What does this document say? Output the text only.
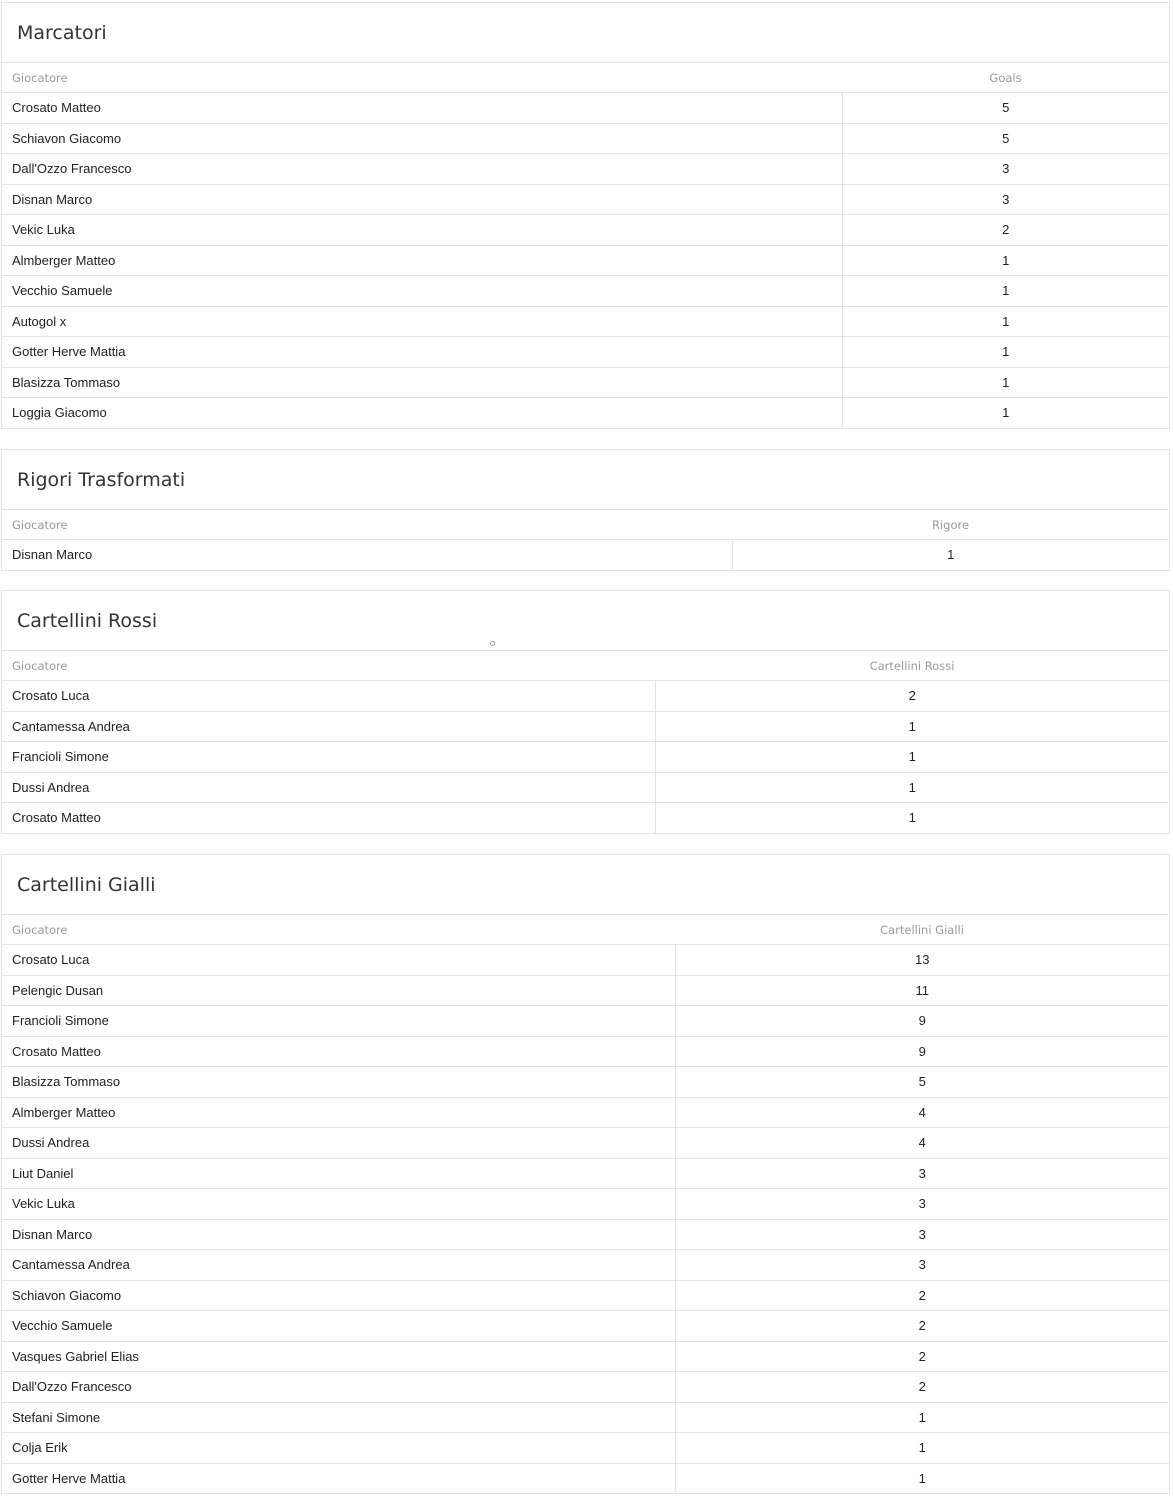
Marcatori
Giocatore	Goals
Crosato Matteo	5
Schiavon Giacomo	5
Dall'Ozzo Francesco	3
Disnan Marco	3
Vekic Luka	2
Almberger Matteo	1
Vecchio Samuele	1
Autogol x	1
Gotter Herve Mattia	1
Blasizza Tommaso	1
Loggia Giacomo	1
Rigori Trasformati
Giocatore	Rigore
Disnan Marco	1
Cartellini Rossi
Giocatore	Cartellini Rossi
Crosato Luca	2
Cantamessa Andrea	1
Francioli Simone	1
Dussi Andrea	1
Crosato Matteo	1
Cartellini Gialli
Giocatore	Cartellini Gialli
Crosato Luca	13
Pelengic Dusan	11
Francioli Simone	9
Crosato Matteo	9
Blasizza Tommaso	5
Almberger Matteo	4
Dussi Andrea	4
Liut Daniel	3
Vekic Luka	3
Disnan Marco	3
Cantamessa Andrea	3
Schiavon Giacomo	2
Vecchio Samuele	2
Vasques Gabriel Elias	2
Dall'Ozzo Francesco	2
Stefani Simone	1
Colja Erik	1
Gotter Herve Mattia	1
